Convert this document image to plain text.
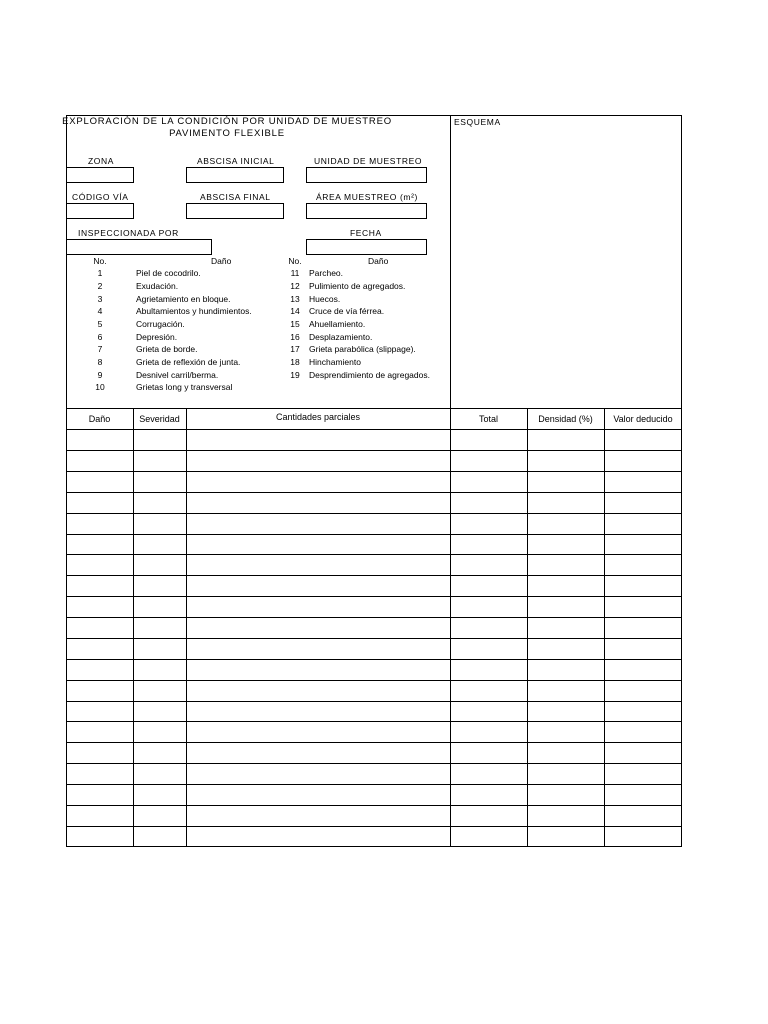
EXPLORACIÓN DE LA CONDICIÓN POR UNIDAD DE MUESTREO
PAVIMENTO FLEXIBLE
ESQUEMA
ZONA	ABSCISA INICIAL	UNIDAD DE MUESTREO
CÓDIGO VÍA	ABSCISA FINAL	ÁREA MUESTREO (m²)
INSPECCIONADA POR	FECHA
No.	Daño	No.	Daño
1	Piel de cocodrilo.
2	Exudación.
3	Agrietamiento en bloque.
4	Abultamientos y hundimientos.
5	Corrugación.
6	Depresión.
7	Grieta de borde.
8	Grieta de reflexión de junta.
9	Desnivel carril/berma.
10	Grietas long y transversal
11	Parcheo.
12	Pulimiento de agregados.
13	Huecos.
14	Cruce de vía férrea.
15	Ahuellamiento.
16	Desplazamiento.
17	Grieta parabólica (slippage).
18	Hinchamiento
19	Desprendimiento de agregados.
Daño	Severidad	Cantidades parciales	Total	Densidad (%)	Valor deducido
